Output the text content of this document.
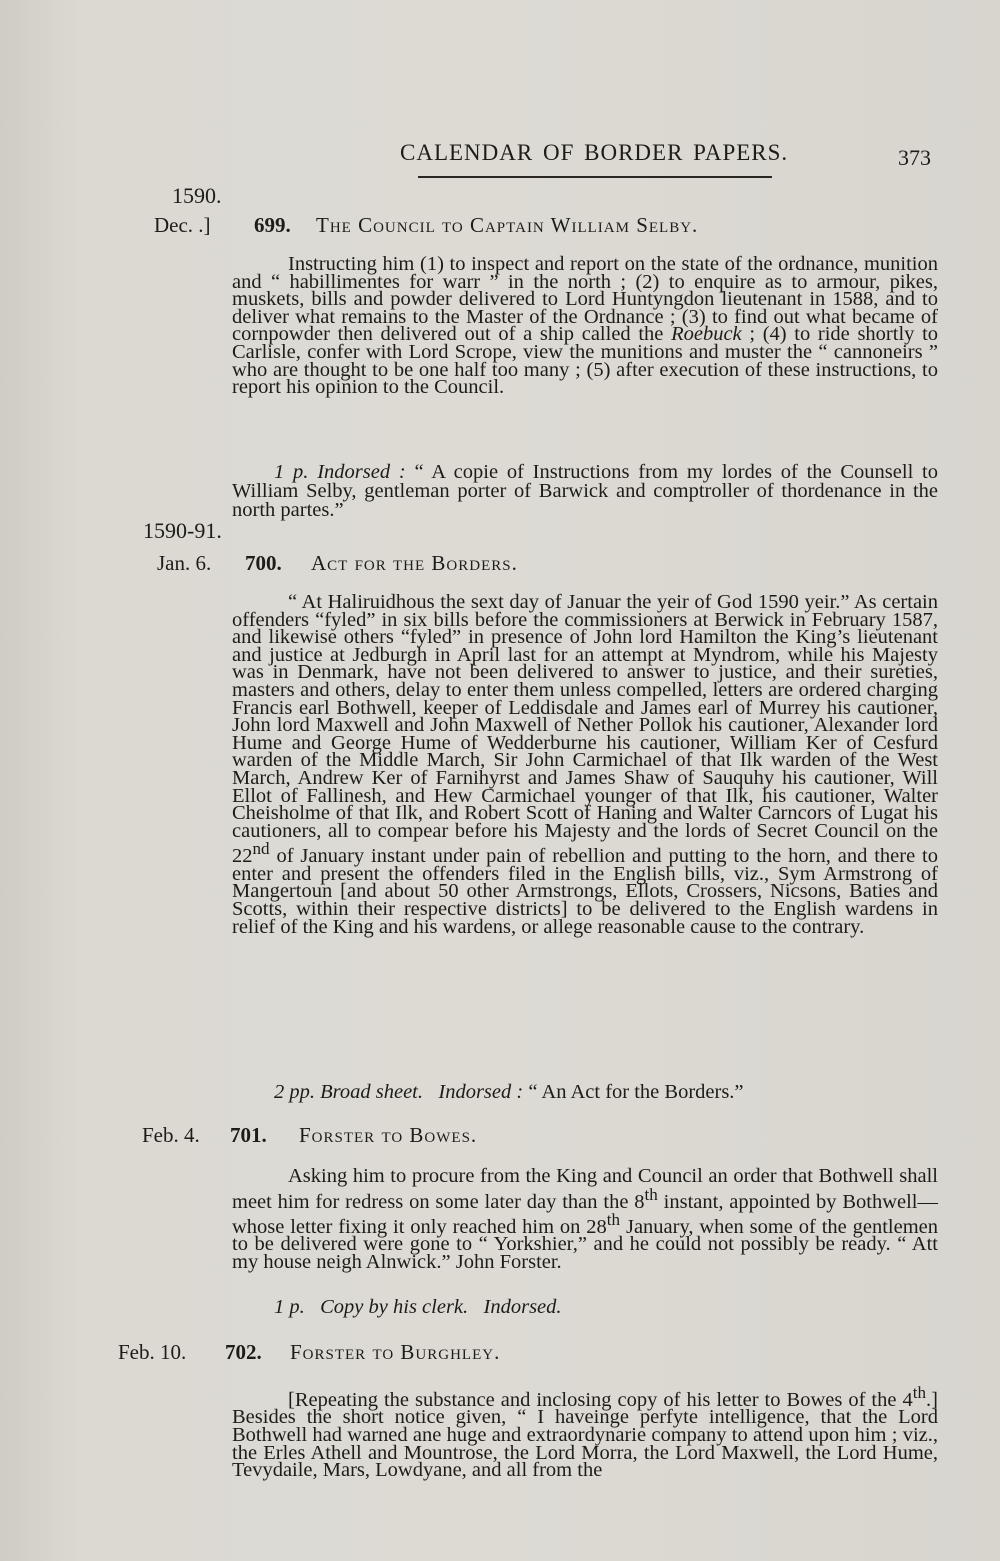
CALENDAR OF BORDER PAPERS.	373
1590.
Dec. .] 699. The Council to Captain William Selby.

Instructing him (1) to inspect and report on the state of the ordnance, munition and “ habillimentes for warr ” in the north ; (2) to enquire as to armour, pikes, muskets, bills and powder delivered to Lord Huntyngdon lieutenant in 1588, and to deliver what remains to the Master of the Ordnance ; (3) to find out what became of cornpowder then delivered out of a ship called the Roebuck ; (4) to ride shortly to Carlisle, confer with Lord Scrope, view the munitions and muster the “ cannoneirs ” who are thought to be one half too many ; (5) after execution of these instructions, to report his opinion to the Council.

1 p. Indorsed : “ A copie of Instructions from my lordes of the Counsell to William Selby, gentleman porter of Barwick and comptroller of thordenance in the north partes.”

1590-91.
Jan. 6. 700. Act for the Borders.

“ At Haliruidhous the sext day of Januar the yeir of God 1590 yeir.” As certain offenders “fyled” in six bills before the commissioners at Berwick in February 1587, and likewise others “fyled” in presence of John lord Hamilton the King’s lieutenant and justice at Jedburgh in April last for an attempt at Myndrom, while his Majesty was in Denmark, have not been delivered to answer to justice, and their sureties, masters and others, delay to enter them unless compelled, letters are ordered charging Francis earl Bothwell, keeper of Leddisdale and James earl of Murrey his cautioner, John lord Maxwell and John Maxwell of Nether Pollok his cautioner, Alexander lord Hume and George Hume of Wedderburne his cautioner, William Ker of Cesfurd warden of the Middle March, Sir John Carmichael of that Ilk warden of the West March, Andrew Ker of Farnihyrst and James Shaw of Sauquhy his cautioner, Will Ellot of Fallinesh, and Hew Carmichael younger of that Ilk, his cautioner, Walter Cheisholme of that Ilk, and Robert Scott of Haning and Walter Carncors of Lugat his cautioners, all to compear before his Majesty and the lords of Secret Council on the 22nd of January instant under pain of rebellion and putting to the horn, and there to enter and present the offenders filed in the English bills, viz., Sym Armstrong of Mangertoun [and about 50 other Armstrongs, Ellots, Crossers, Nicsons, Baties and Scotts, within their respective districts] to be delivered to the English wardens in relief of the King and his wardens, or allege reasonable cause to the contrary.

2 pp. Broad sheet. Indorsed : “ An Act for the Borders.”

Feb. 4. 701. Forster to Bowes.

Asking him to procure from the King and Council an order that Bothwell shall meet him for redress on some later day than the 8th instant, appointed by Bothwell—whose letter fixing it only reached him on 28th January, when some of the gentlemen to be delivered were gone to “ Yorkshier,” and he could not possibly be ready. “ Att my house neigh Alnwick.” John Forster.

1 p. Copy by his clerk. Indorsed.

Feb. 10. 702. Forster to Burghley.

[Repeating the substance and inclosing copy of his letter to Bowes of the 4th.] Besides the short notice given, “ I haveinge perfyte intelligence, that the Lord Bothwell had warned ane huge and extraordynarie company to attend upon him ; viz., the Erles Athell and Mountrose, the Lord Morra, the Lord Maxwell, the Lord Hume, Tevydaile, Mars, Lowdyane, and all from the
